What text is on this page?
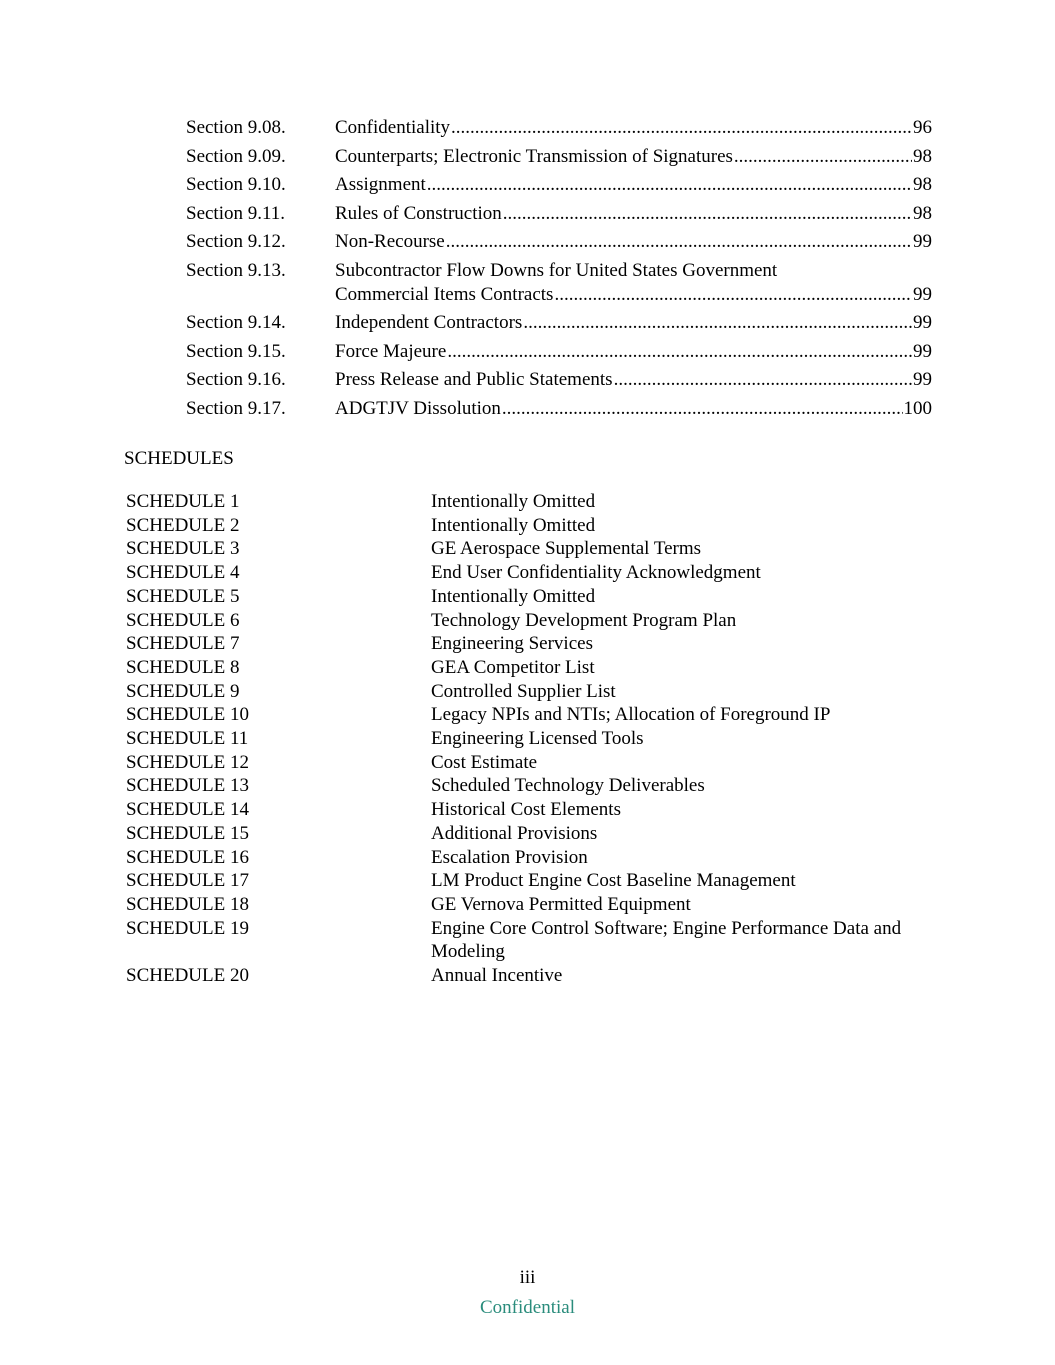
Section 9.08.	Confidentiality .....	96
Section 9.09.	Counterparts; Electronic Transmission of Signatures .....	98
Section 9.10.	Assignment .....	98
Section 9.11.	Rules of Construction .....	98
Section 9.12.	Non-Recourse .....	99
Section 9.13.	Subcontractor Flow Downs for United States Government
Commercial Items Contracts .....	99
Section 9.14.	Independent Contractors .....	99
Section 9.15.	Force Majeure .....	99
Section 9.16.	Press Release and Public Statements .....	99
Section 9.17.	ADGTJV Dissolution .....	100
SCHEDULES
SCHEDULE 1	Intentionally Omitted
SCHEDULE 2	Intentionally Omitted
SCHEDULE 3	GE Aerospace Supplemental Terms
SCHEDULE 4	End User Confidentiality Acknowledgment
SCHEDULE 5	Intentionally Omitted
SCHEDULE 6	Technology Development Program Plan
SCHEDULE 7	Engineering Services
SCHEDULE 8	GEA Competitor List
SCHEDULE 9	Controlled Supplier List
SCHEDULE 10	Legacy NPIs and NTIs; Allocation of Foreground IP
SCHEDULE 11	Engineering Licensed Tools
SCHEDULE 12	Cost Estimate
SCHEDULE 13	Scheduled Technology Deliverables
SCHEDULE 14	Historical Cost Elements
SCHEDULE 15	Additional Provisions
SCHEDULE 16	Escalation Provision
SCHEDULE 17	LM Product Engine Cost Baseline Management
SCHEDULE 18	GE Vernova Permitted Equipment
SCHEDULE 19	Engine Core Control Software; Engine Performance Data and Modeling
SCHEDULE 20	Annual Incentive
iii
Confidential
